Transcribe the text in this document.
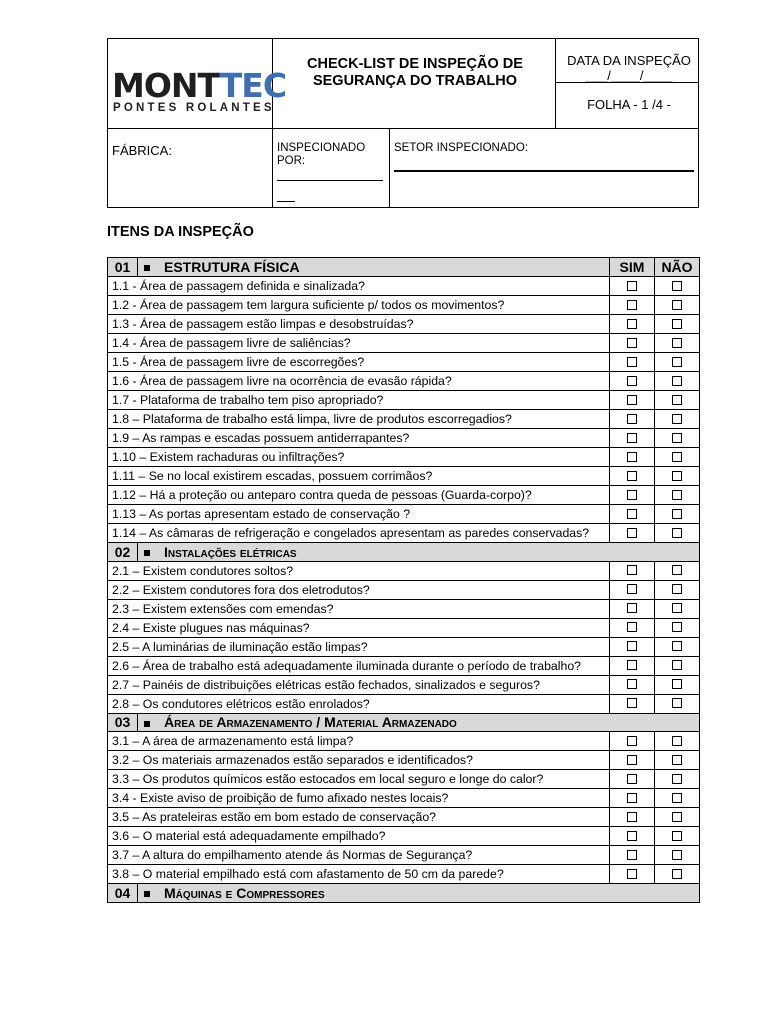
MONTTEC
PONTES ROLANTES
CHECK-LIST DE INSPEÇÃO DE
SEGURANÇA DO TRABALHO
DATA DA INSPEÇÃO
___/____/____
FOLHA - 1 /4 -
FÁBRICA:	INSPECIONADO
POR:
SETOR INSPECIONADO:
ITENS DA INSPEÇÃO
01	ESTRUTURA FÍSICA	SIM	NÃO
1.1 - Área de passagem definida e sinalizada?			
1.2 - Área de passagem tem largura suficiente p/ todos os movimentos?			
1.3 - Área de passagem estão limpas e desobstruídas?			
1.4 - Área de passagem livre de saliências?			
1.5 - Área de passagem livre de escorregões?			
1.6 - Área de passagem livre na ocorrência de evasão rápida?			
1.7 - Plataforma de trabalho tem piso apropriado?			
1.8 – Plataforma de trabalho está limpa, livre de produtos escorregadios?			
1.9 – As rampas e escadas possuem antiderrapantes?			
1.10 – Existem rachaduras ou infiltrações?			
1.11 – Se no local existirem escadas, possuem corrimãos?			
1.12 – Há a proteção ou anteparo contra queda de pessoas (Guarda-corpo)?			
1.13 – As portas apresentam estado de conservação ?			
1.14 – As câmaras de refrigeração e congelados apresentam as paredes conservadas?			
02	Instalações elétricas		
2.1 – Existem condutores soltos?			
2.2 – Existem condutores fora dos eletrodutos?			
2.3 – Existem extensões com emendas?			
2.4 – Existe plugues nas máquinas?			
2.5 – A luminárias de iluminação estão limpas?			
2.6 – Área de trabalho está adequadamente iluminada durante o período de trabalho?			
2.7 – Painéis de distribuições elétricas estão fechados, sinalizados e seguros?			
2.8 – Os condutores elétricos estão enrolados?			
03	Área de Armazenamento / Material Armazenado		
3.1 – A área de armazenamento está limpa?			
3.2 – Os materiais armazenados estão separados e identificados?			
3.3 – Os produtos químicos estão estocados em local seguro e longe do calor?			
3.4 - Existe aviso de proibição de fumo afixado nestes locais?			
3.5 – As prateleiras estão em bom estado de conservação?			
3.6 – O material está adequadamente empilhado?			
3.7 – A altura do empilhamento atende ás Normas de Segurança?			
3.8 – O material empilhado está com afastamento de 50 cm da parede?			
04	Máquinas e Compressores		
